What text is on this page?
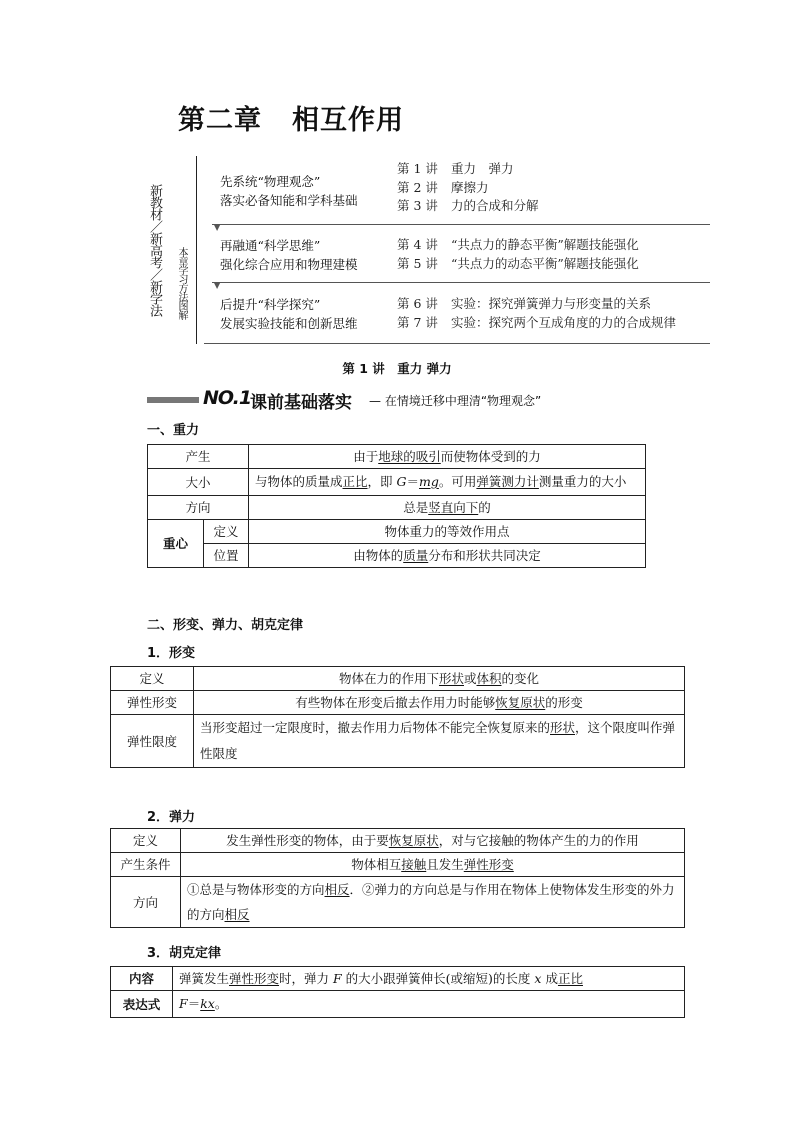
第二章 相互作用
新教材／新高考／新学法 本章学习方法图解
先系统“物理观念”
落实必备知能和学科基础
第 1 讲 重力　弹力
第 2 讲 摩擦力
第 3 讲 力的合成和分解
▼
再融通“科学思维”
强化综合应用和物理建模
第 4 讲 “共点力的静态平衡”解题技能强化
第 5 讲 “共点力的动态平衡”解题技能强化
▼
后提升“科学探究”
发展实验技能和创新思维
第 6 讲 实验：探究弹簧弹力与形变量的关系
第 7 讲 实验：探究两个互成角度的力的合成规律
第 1 讲　重力 弹力
NO.1
课前基础落实 — 在情境迁移中理清“物理观念”
一、重力
产生		由于地球的吸引而使物体受到的力
大小		与物体的质量成正比，即 G＝mg。可用弹簧测力计测量重力的大小
方向		总是竖直向下的
重心	定义	物体重力的等效作用点
	位置	由物体的质量分布和形状共同决定
二、形变、弹力、胡克定律
1．形变
定义	物体在力的作用下形状或体积的变化
弹性形变	有些物体在形变后撤去作用力时能够恢复原状的形变
弹性限度	当形变超过一定限度时，撤去作用力后物体不能完全恢复原来的形状，这个限度叫作弹性限度
2．弹力
定义	发生弹性形变的物体，由于要恢复原状，对与它接触的物体产生的力的作用
产生条件	物体相互接触且发生弹性形变
方向	①总是与物体形变的方向相反．②弹力的方向总是与作用在物体上使物体发生形变的外力的方向相反
3．胡克定律
内容	弹簧发生弹性形变时，弹力 F 的大小跟弹簧伸长(或缩短)的长度 x 成正比
表达式	F＝kx。
